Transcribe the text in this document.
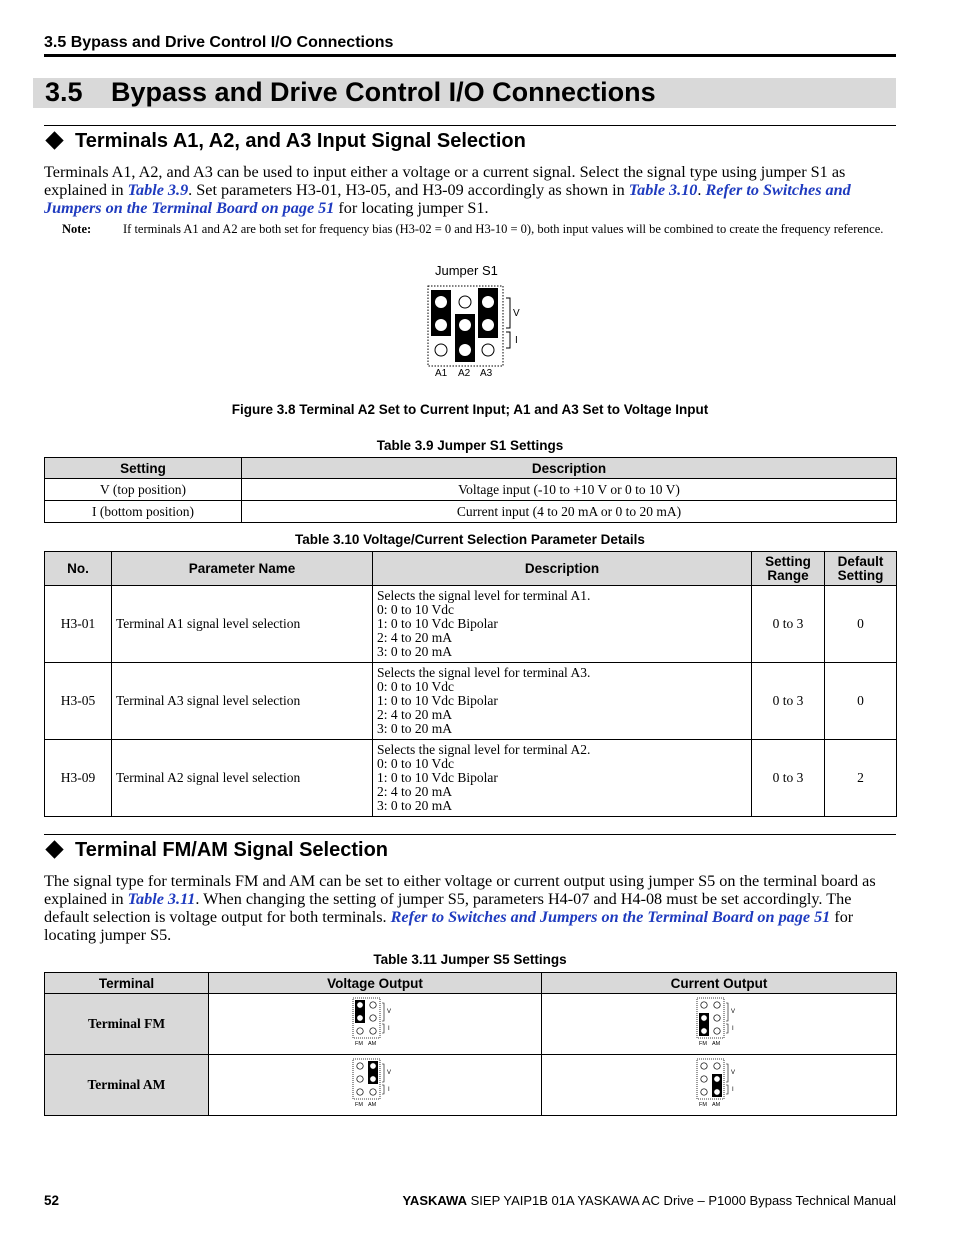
3.5 Bypass and Drive Control I/O Connections
3.5 Bypass and Drive Control I/O Connections
Terminals A1, A2, and A3 Input Signal Selection
Terminals A1, A2, and A3 can be used to input either a voltage or a current signal. Select the signal type using jumper S1 as explained in Table 3.9. Set parameters H3-01, H3-05, and H3-09 accordingly as shown in Table 3.10. Refer to Switches and Jumpers on the Terminal Board on page 51 for locating jumper S1.
Note:	If terminals A1 and A2 are both set for frequency bias (H3-02 = 0 and H3-10 = 0), both input values will be combined to create the frequency reference.
Jumper S1
V
I
A1 A2 A3
Figure 3.8 Terminal A2 Set to Current Input; A1 and A3 Set to Voltage Input
Table 3.9 Jumper S1 Settings
Setting	Description
V (top position)	Voltage input (-10 to +10 V or 0 to 10 V)
I (bottom position)	Current input (4 to 20 mA or 0 to 20 mA)
Table 3.10 Voltage/Current Selection Parameter Details
No.	Parameter Name	Description	Setting Range	Default Setting
H3-01	Terminal A1 signal level selection	Selects the signal level for terminal A1.
0: 0 to 10 Vdc
1: 0 to 10 Vdc Bipolar
2: 4 to 20 mA
3: 0 to 20 mA	0 to 3	0
H3-05	Terminal A3 signal level selection	Selects the signal level for terminal A3.
0: 0 to 10 Vdc
1: 0 to 10 Vdc Bipolar
2: 4 to 20 mA
3: 0 to 20 mA	0 to 3	0
H3-09	Terminal A2 signal level selection	Selects the signal level for terminal A2.
0: 0 to 10 Vdc
1: 0 to 10 Vdc Bipolar
2: 4 to 20 mA
3: 0 to 20 mA	0 to 3	2
Terminal FM/AM Signal Selection
The signal type for terminals FM and AM can be set to either voltage or current output using jumper S5 on the terminal board as explained in Table 3.11. When changing the setting of jumper S5, parameters H4-07 and H4-08 must be set accordingly. The default selection is voltage output for both terminals. Refer to Switches and Jumpers on the Terminal Board on page 51 for locating jumper S5.
Table 3.11 Jumper S5 Settings
Terminal	Voltage Output	Current Output
Terminal FM	V
I
FM AM	V
I
FM AM

Terminal AM	V
I
FM AM	V
I
FM AM
52	YASKAWA SIEP YAIP1B 01A YASKAWA AC Drive – P1000 Bypass Technical Manual
